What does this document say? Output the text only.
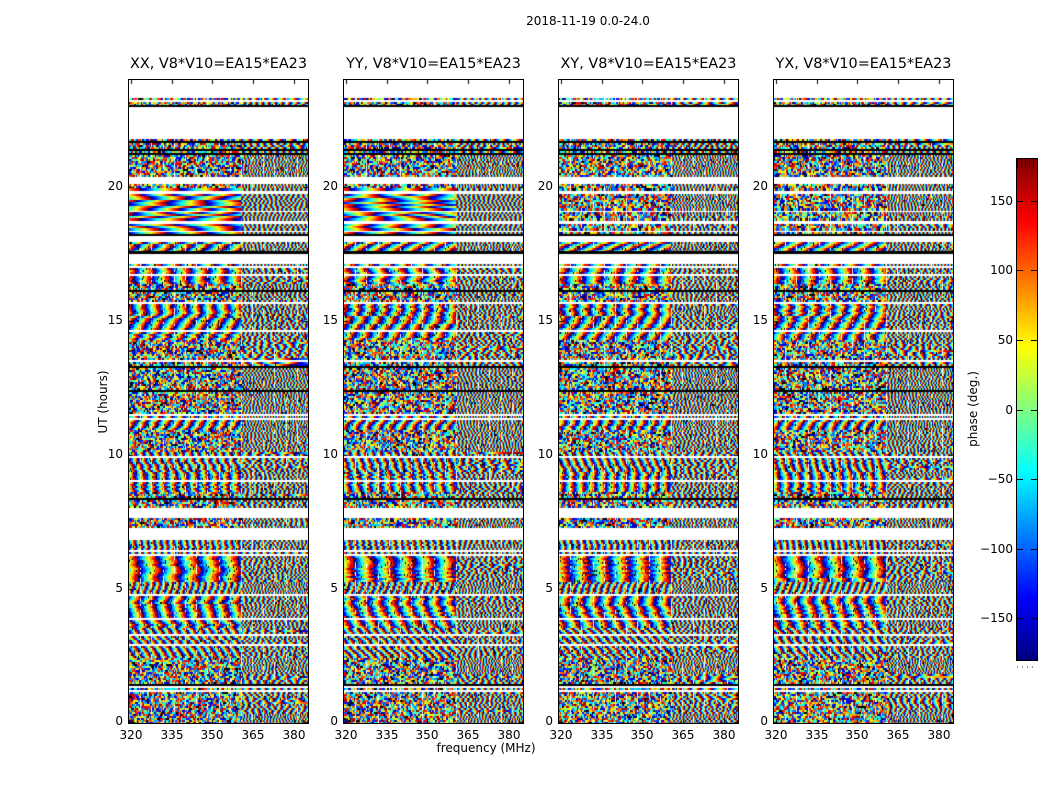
2018-11-19 0.0-24.0
XX, V8*V10=EA15*EA23
320	335	350	365	380
0
5
10
15
20
YY, V8*V10=EA15*EA23
320	335	350	365	380
0
5
10
15
20
XY, V8*V10=EA15*EA23
320	335	350	365	380
0
5
10
15
20
YX, V8*V10=EA15*EA23
320	335	350	365	380
0
5
10
15
20
UT (hours)
frequency (MHz)
150
100
50
0
−50
−100
−150
phase (deg.)
